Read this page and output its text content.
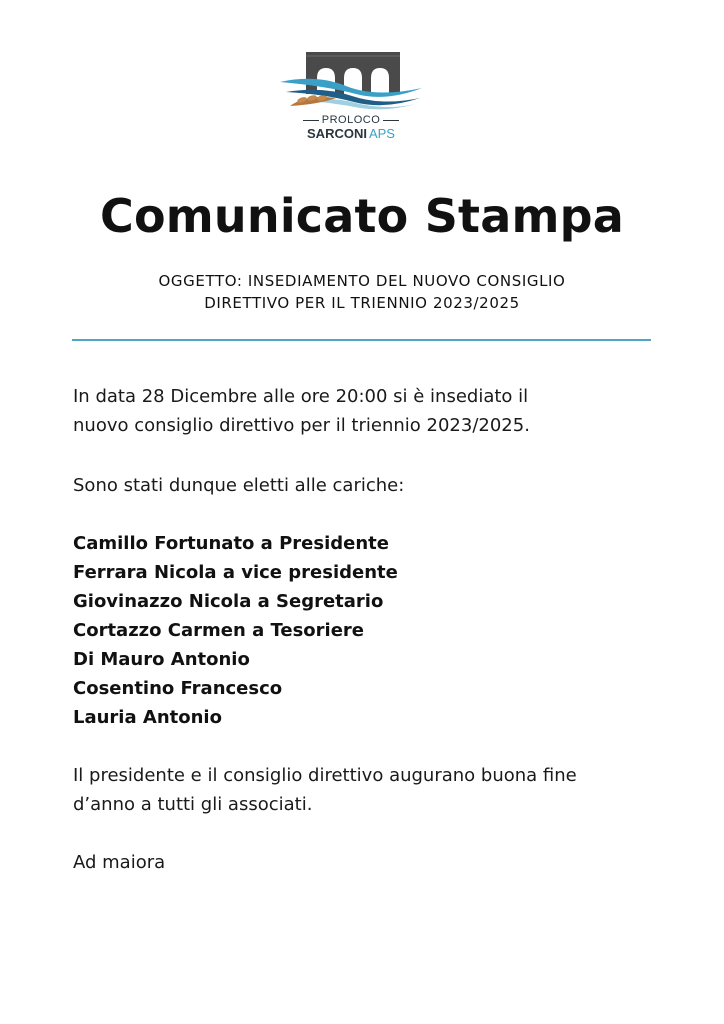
PROLOCO
SARCONI APS
Comunicato Stampa
OGGETTO: INSEDIAMENTO DEL NUOVO CONSIGLIO
DIRETTIVO PER IL TRIENNIO 2023/2025
In data 28 Dicembre alle ore 20:00 si è insediato il
nuovo consiglio direttivo per il triennio 2023/2025.
Sono stati dunque eletti alle cariche:
Camillo Fortunato a Presidente
Ferrara Nicola a vice presidente
Giovinazzo Nicola a Segretario
Cortazzo Carmen a Tesoriere
Di Mauro Antonio
Cosentino Francesco
Lauria Antonio
Il presidente e il consiglio direttivo augurano buona fine
d’anno a tutti gli associati.
Ad maiora
